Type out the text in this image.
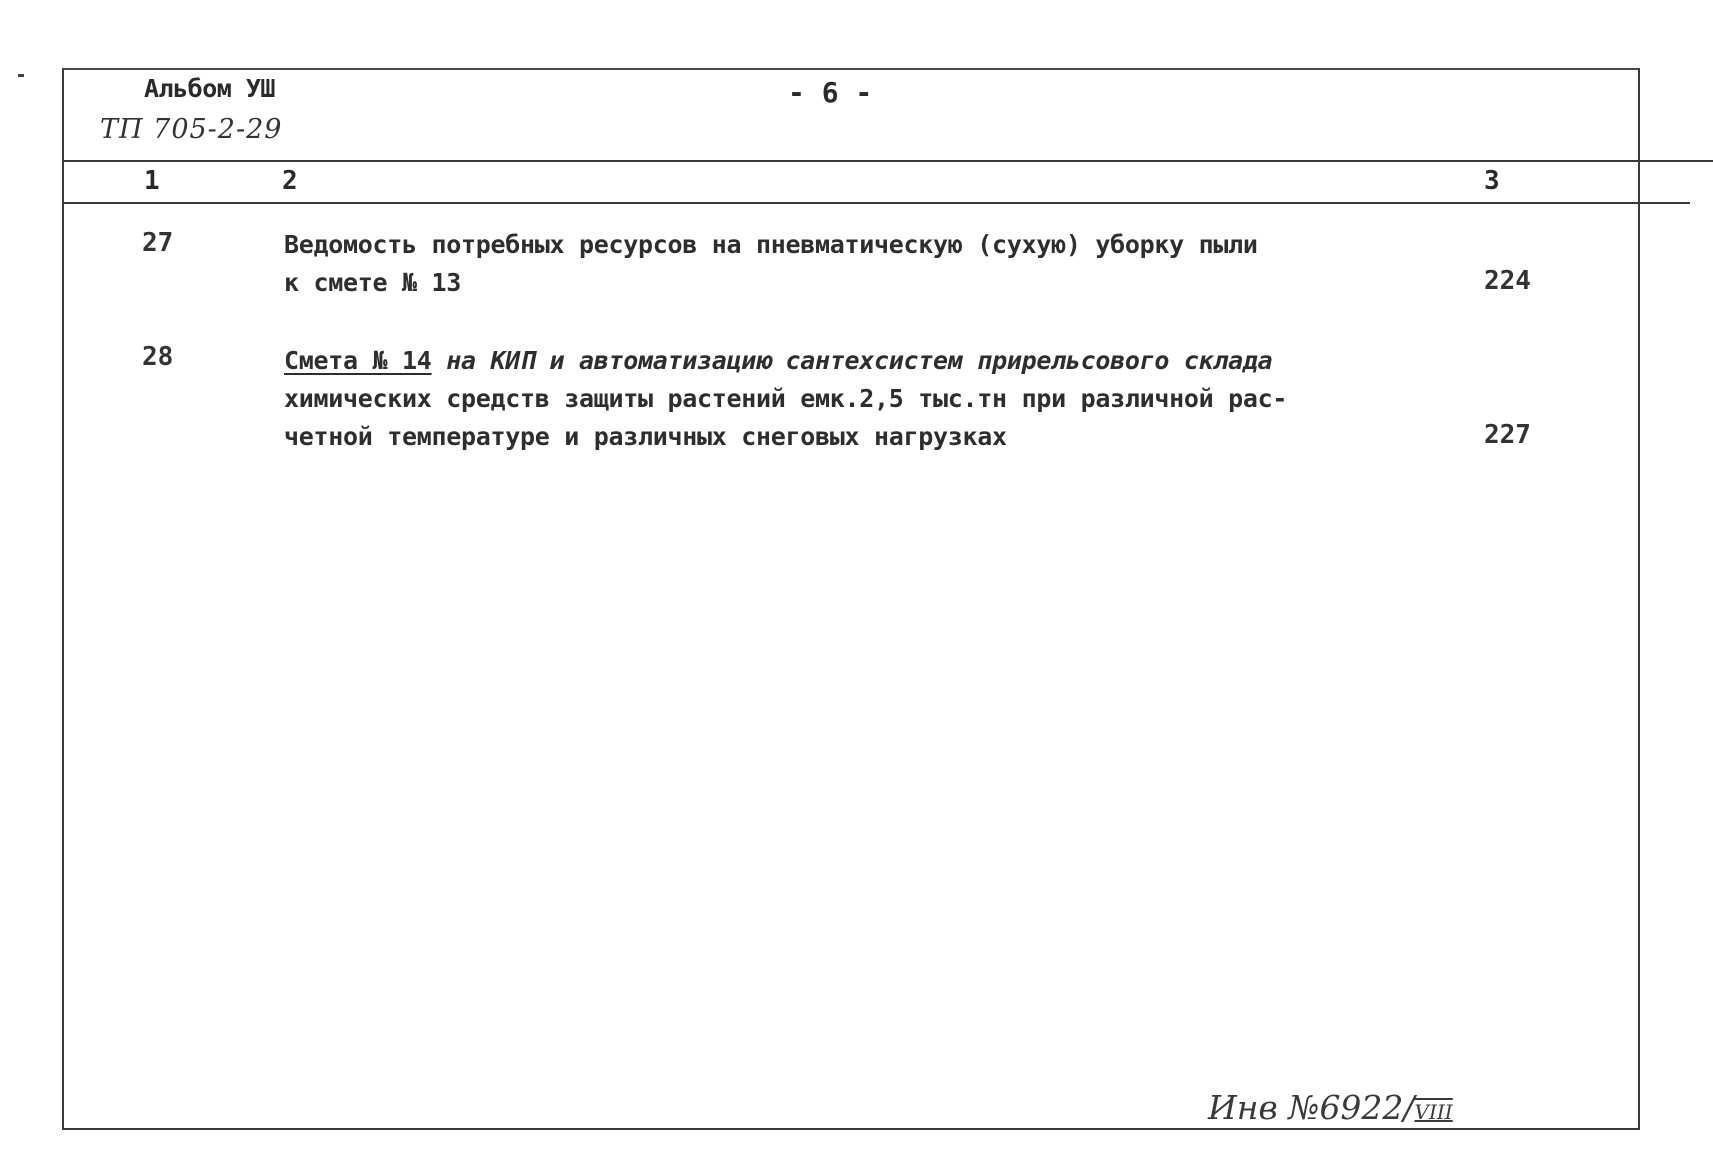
Альбом УШ
ТП 705-2-29
- 6 -
1	2	3
27	Ведомость потребных ресурсов на пневматическую (сухую) уборку пыли
к смете № 13	224
28	Смета № 14 на КИП и автоматизацию сантехсистем прирельсового склада
химических средств защиты растений емк.2,5 тыс.тн при различной рас-
четной температуре и различных снеговых нагрузках	227
Инв №6922/VIII
